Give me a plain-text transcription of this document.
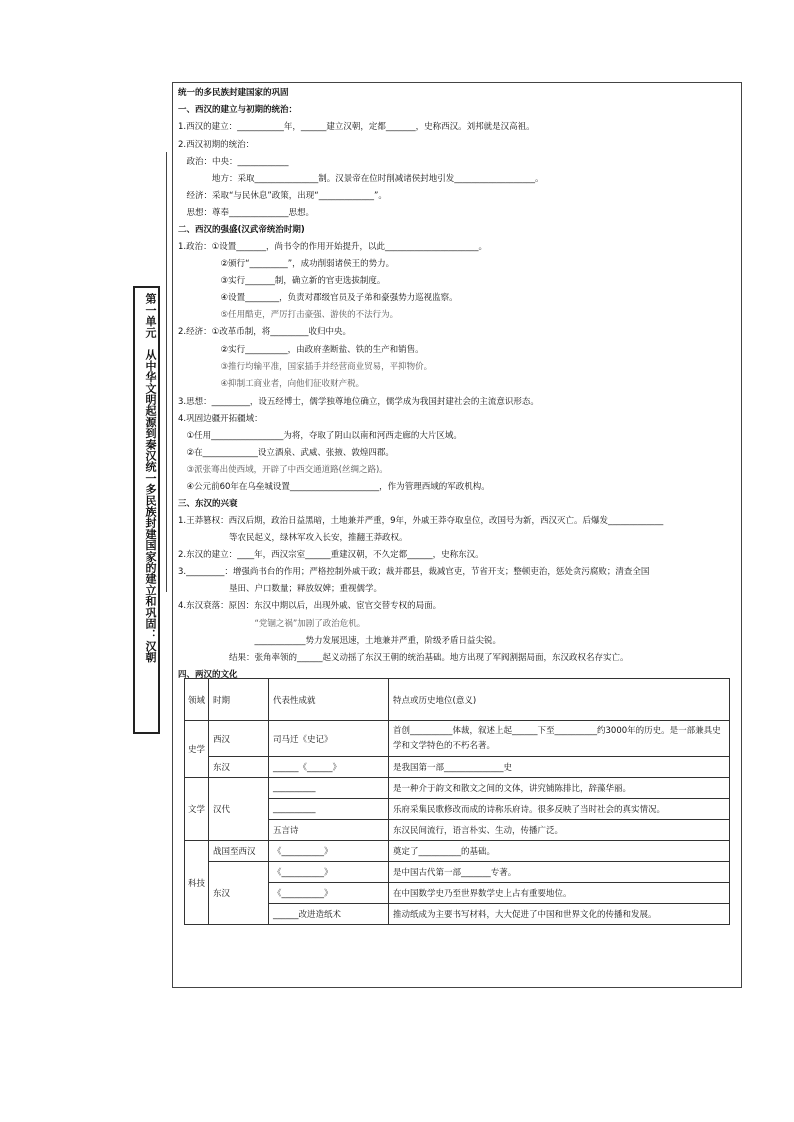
第一单元　从中华文明起源到秦汉统一多民族封建国家的建立和巩固：汉朝
统一的多民族封建国家的巩固
一、西汉的建立与初期的统治：
1.西汉的建立：___________年，______建立汉朝，定都_______，史称西汉。刘邦就是汉高祖。
2.西汉初期的统治：
　政治：中央：____________
　　　　地方：采取_______________制。汉景帝在位时削减诸侯封地引发___________________。
　经济：采取“与民休息”政策，出现“_____________”。
　思想：尊奉______________思想。
二、西汉的强盛(汉武帝统治时期)
1.政治：①设置_______，尚书令的作用开始提升，以此______________________。
　　　　　②颁行“_________”，成功削弱诸侯王的势力。
　　　　　③实行_______制，确立新的官吏选拔制度。
　　　　　④设置________，负责对郡级官员及子弟和豪强势力巡视监察。
　　　　　⑤任用酷吏，严厉打击豪强、游侠的不法行为。
2.经济：①改革币制，将_________收归中央。
　　　　　②实行__________，由政府垄断盐、铁的生产和销售。
　　　　　③推行均输平准，国家插手并经营商业贸易，平抑物价。
　　　　　④抑制工商业者，向他们征收财产税。
3.思想：_________，设五经博士，儒学独尊地位确立，儒学成为我国封建社会的主流意识形态。
4.巩固边疆开拓疆域：
　①任用_________________为将，夺取了阴山以南和河西走廊的大片区域。
　②在_____________设立酒泉、武威、张掖、敦煌四郡。
　③派张骞出使西域，开辟了中西交通道路(丝绸之路)。
　④公元前60年在乌垒城设置_____________________，作为管理西域的军政机构。
三、东汉的兴衰
1.王莽篡权：西汉后期，政治日益黑暗，土地兼并严重，9年，外戚王莽夺取皇位，改国号为新，西汉灭亡。后爆发_____________
　　　　　　等农民起义，绿林军攻入长安，推翻王莽政权。
2.东汉的建立：____年，西汉宗室______重建汉朝，不久定都______，史称东汉。
3._________：增强尚书台的作用；严格控制外戚干政；裁并郡县，裁减官吏，节省开支；整顿吏治，惩处贪污腐败；清查全国
　　　　　　垦田、户口数量；释放奴婢；重视儒学。
4.东汉衰落：原因：东汉中期以后，出现外戚、宦官交替专权的局面。
　　　　　　　　　“党锢之祸”加剧了政治危机。
　　　　　　　　　____________势力发展迅速，土地兼并严重，阶级矛盾日益尖锐。
　　　　　　结果：张角率领的______起义动摇了东汉王朝的统治基础。地方出现了军阀割据局面，东汉政权名存实亡。
四、两汉的文化
领域	时期	代表性成就	特点或历史地位(意义)
史学	西汉	司马迁《史记》	首创__________体裁，叙述上起______下至__________约3000年的历史。是一部兼具史学和文学特色的不朽名著。
	东汉	______《______》	是我国第一部______________史
文学	汉代	__________	是一种介于韵文和散文之间的文体，讲究铺陈排比，辞藻华丽。
		__________	乐府采集民歌修改而成的诗称乐府诗。很多反映了当时社会的真实情况。
		五言诗	东汉民间流行，语言朴实、生动，传播广泛。
科技	战国至西汉	《__________》	奠定了__________的基础。
	东汉	《__________》	是中国古代第一部_______专著。
		《__________》	在中国数学史乃至世界数学史上占有重要地位。
		______改进造纸术	推动纸成为主要书写材料，大大促进了中国和世界文化的传播和发展。
